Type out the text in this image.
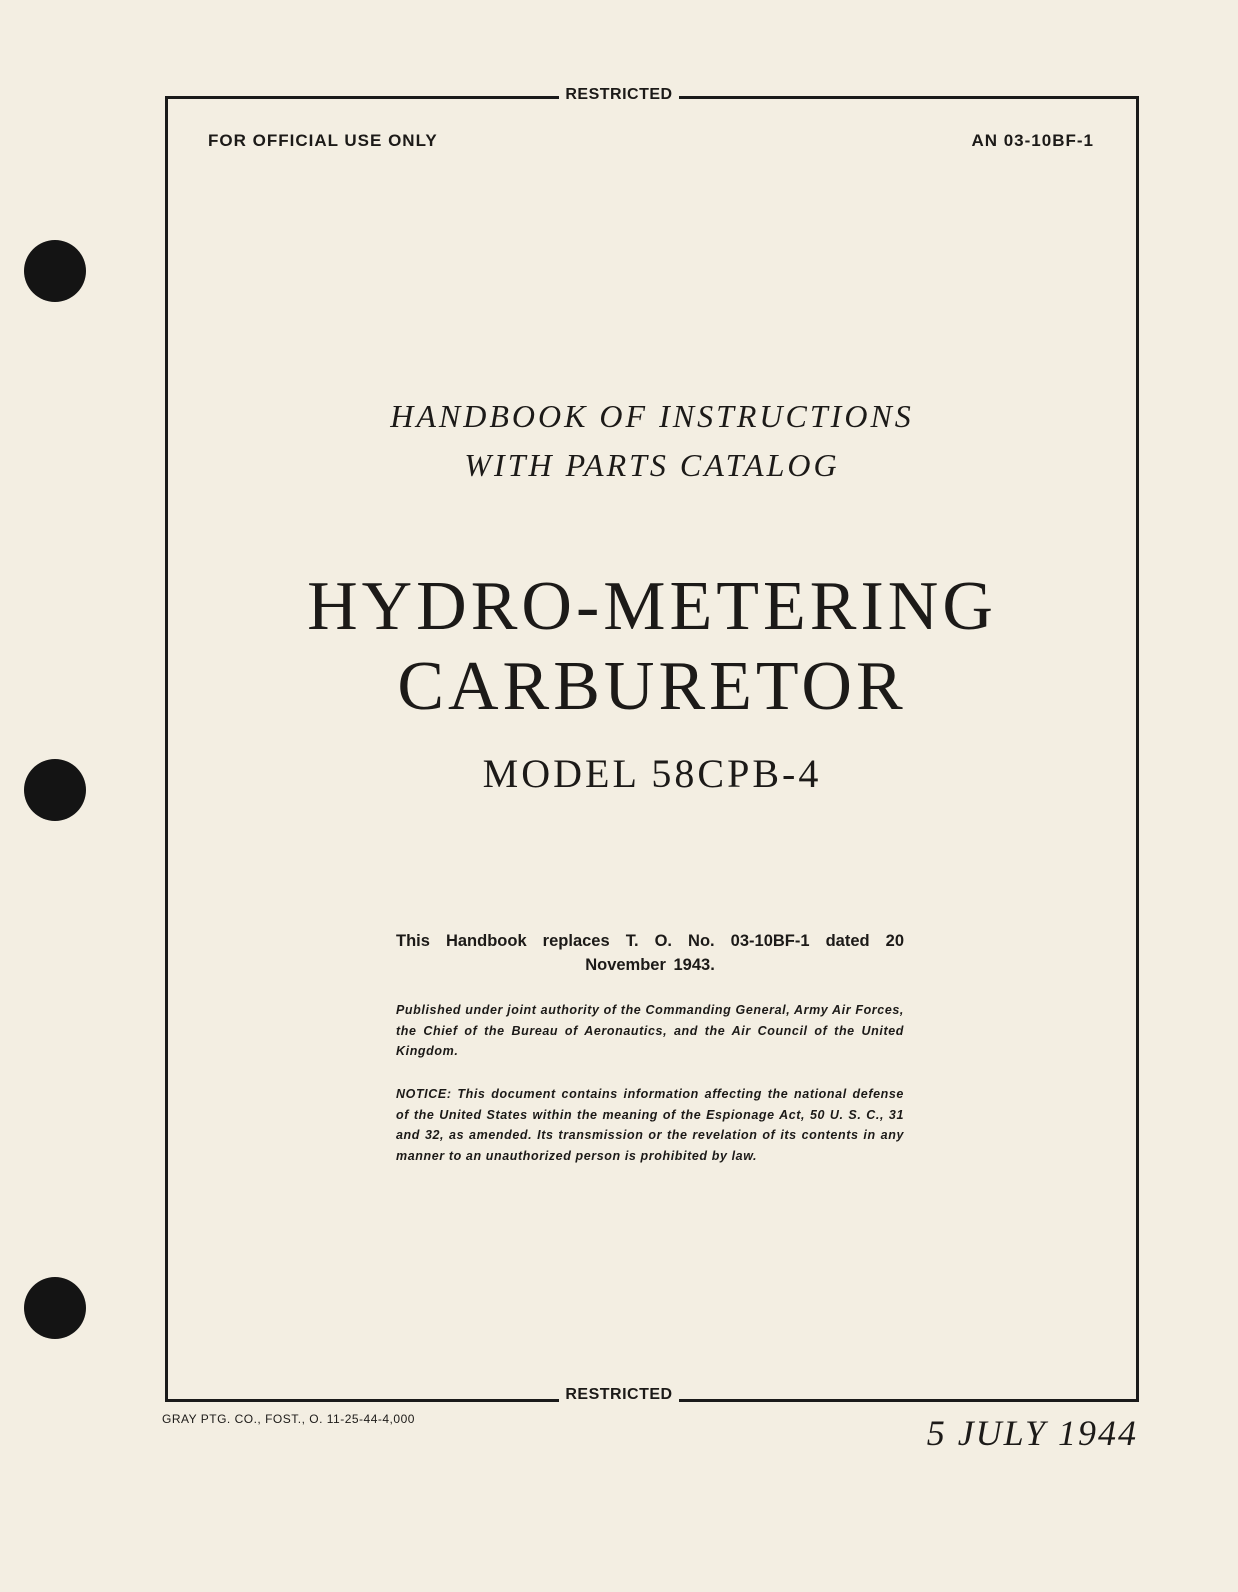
RESTRICTED
RESTRICTED
FOR OFFICIAL USE ONLY	AN 03-10BF-1
HANDBOOK OF INSTRUCTIONS
WITH PARTS CATALOG
HYDRO-METERING
CARBURETOR
MODEL 58CPB-4
This Handbook replaces T. O. No. 03-10BF-1 dated 20 November 1943.
Published under joint authority of the Commanding General, Army Air Forces, the Chief of the Bureau of Aeronautics, and the Air Council of the United Kingdom.
NOTICE: This document contains information affecting the national defense of the United States within the meaning of the Espionage Act, 50 U. S. C., 31 and 32, as amended. Its transmission or the revelation of its contents in any manner to an unauthorized person is prohibited by law.
GRAY PTG. CO., FOST., O. 11-25-44-4,000	5 JULY 1944
